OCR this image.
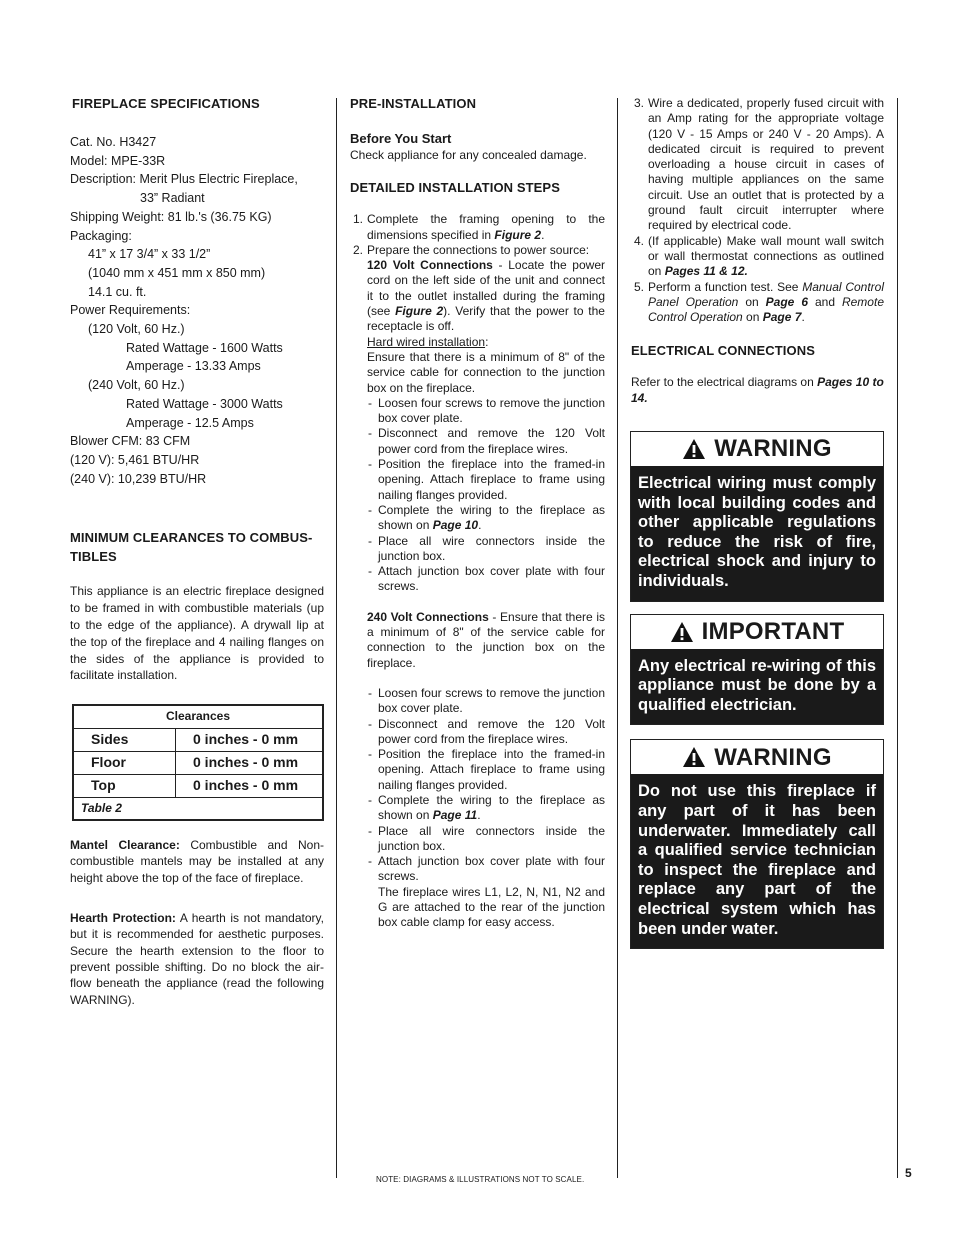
FIREPLACE SPECIFICATIONS
Cat. No. H3427
Model: MPE-33R
Description: Merit Plus Electric Fireplace,
33” Radiant
Shipping Weight: 81 lb.'s (36.75 KG)
Packaging:
41” x 17 3/4” x 33 1/2”
(1040 mm x 451 mm x 850 mm)
14.1 cu. ft.
Power Requirements:
(120 Volt, 60 Hz.)
Rated Wattage - 1600 Watts
Amperage - 13.33 Amps
(240 Volt, 60 Hz.)
Rated Wattage - 3000 Watts
Amperage - 12.5 Amps
Blower CFM: 83 CFM
(120 V): 5,461 BTU/HR
(240 V): 10,239 BTU/HR
MINIMUM CLEARANCES TO COMBUS-
TIBLES

This appliance is an electric fireplace designed to be framed in with combustible materials (up to the edge of the appliance). A drywall lip at the top of the fireplace and 4 nailing flanges on the sides of the appliance is provided to facilitate installation.

Clearances	
Sides	0 inches - 0 mm
Floor	0 inches - 0 mm
Top	0 inches - 0 mm
Table 2	

Mantel Clearance: Combustible and Non-combustible mantels may be installed at any height above the top of the face of fireplace.

Hearth Protection: A hearth is not mandatory, but it is recommended for aesthetic purposes. Secure the hearth extension to the floor to prevent possible shifting. Do no block the air-flow beneath the appliance (read the following WARNING).

PRE-INSTALLATION
Before You Start

Check appliance for any concealed damage.

DETAILED INSTALLATION STEPS
1. Complete the framing opening to the dimensions specified in Figure 2.
2. Prepare the connections to power source:

120 Volt Connections - Locate the power cord on the left side of the unit and connect it to the outlet installed during the framing (see Figure 2). Verify that the power to the receptacle is off.

Hard wired installation:

Ensure that there is a minimum of 8" of the service cable for connection to the junction box on the fireplace.

- Loosen four screws to remove the junction box cover plate.
- Disconnect and remove the 120 Volt power cord from the fireplace wires.
- Position the fireplace into the framed-in opening. Attach fireplace to frame using nailing flanges provided.
- Complete the wiring to the fireplace as shown on Page 10.
- Place all wire connectors inside the junction box.
- Attach junction box cover plate with four screws.

240 Volt Connections - Ensure that there is a minimum of 8" of the service cable for connection to the junction box on the fireplace.

- Loosen four screws to remove the junction box cover plate.
- Disconnect and remove the 120 Volt power cord from the fireplace wires.
- Position the fireplace into the framed-in opening. Attach fireplace to frame using nailing flanges provided.
- Complete the wiring to the fireplace as shown on Page 11.
- Place all wire connectors inside the junction box.
- Attach junction box cover plate with four screws.
The fireplace wires L1, L2, N, N1, N2 and G are attached to the rear of the junction box cable clamp for easy access.
3. Wire a dedicated, properly fused circuit with an Amp rating for the appropriate voltage (120 V - 15 Amps or 240 V - 20 Amps). A dedicated circuit is required to prevent overloading a house circuit in cases of having multiple appliances on the same circuit. Use an outlet that is protected by a ground fault circuit interrupter where required by electrical code.
4. (If applicable) Make wall mount wall switch or wall thermostat connections as outlined on Pages 11 & 12.
5. Perform a function test. See Manual Control Panel Operation on Page 6 and Remote Control Operation on Page 7.
ELECTRICAL CONNECTIONS

Refer to the electrical diagrams on Pages 10 to 14.

WARNING
Electrical wiring must comply with local building codes and other applicable regulations to reduce the risk of fire, electrical shock and injury to individuals.
IMPORTANT
Any electrical re-wiring of this appliance must be done by a qualified electrician.
WARNING
Do not use this fireplace if any part of it has been underwater. Immediately call a qualified service technician to inspect the fireplace and replace any part of the electrical system which has been under water.
NOTE: DIAGRAMS & ILLUSTRATIONS NOT TO SCALE.	5
